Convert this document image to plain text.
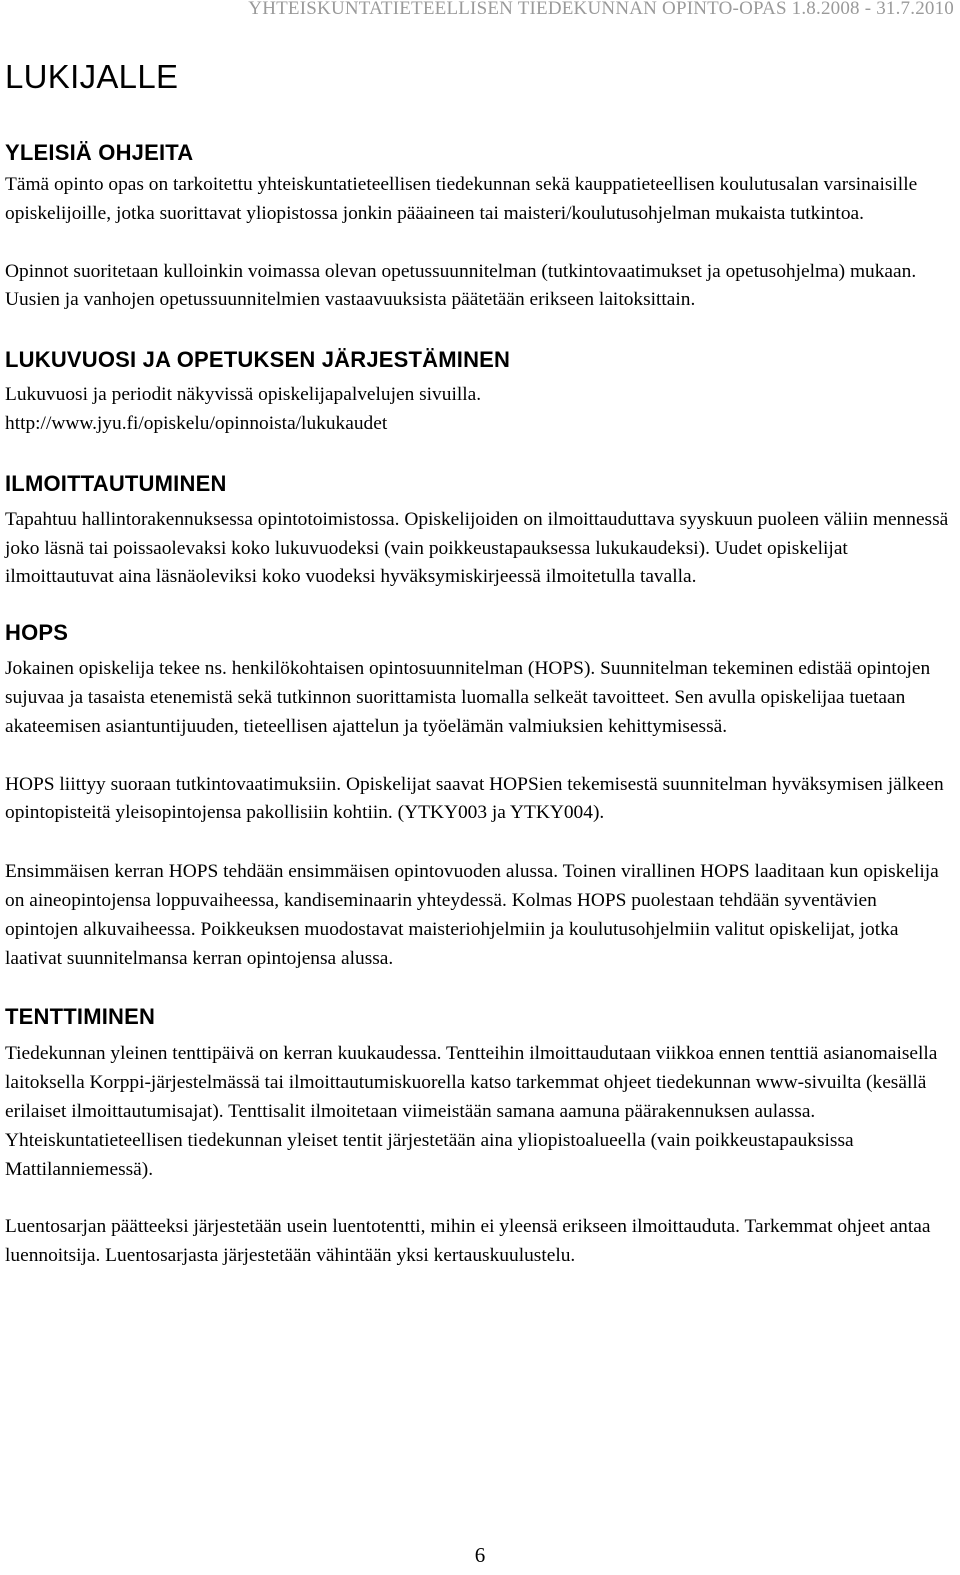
YHTEISKUNTATIETEELLISEN TIEDEKUNNAN OPINTO-OPAS 1.8.2008 - 31.7.2010
LUKIJALLE
YLEISIÄ OHJEITA

Tämä opinto opas on tarkoitettu yhteiskuntatieteellisen tiedekunnan sekä kauppatieteellisen koulutusalan varsinaisille opiskelijoille, jotka suorittavat yliopistossa jonkin pääaineen tai maisteri/koulutusohjelman mukaista tutkintoa.

Opinnot suoritetaan kulloinkin voimassa olevan opetussuunnitelman (tutkintovaatimukset ja opetusohjelma) mukaan. Uusien ja vanhojen opetussuunnitelmien vastaavuuksista päätetään erikseen laitoksittain.

LUKUVUOSI JA OPETUKSEN JÄRJESTÄMINEN

Lukuvuosi ja periodit näkyvissä opiskelijapalvelujen sivuilla.
http://www.jyu.fi/opiskelu/opinnoista/lukukaudet

ILMOITTAUTUMINEN

Tapahtuu hallintorakennuksessa opintotoimistossa. Opiskelijoiden on ilmoittauduttava syyskuun puoleen väliin mennessä joko läsnä tai poissaolevaksi koko lukuvuodeksi (vain poikkeustapauksessa lukukaudeksi). Uudet opiskelijat ilmoittautuvat aina läsnäoleviksi koko vuodeksi hyväksymiskirjeessä ilmoitetulla tavalla.

HOPS

Jokainen opiskelija tekee ns. henkilökohtaisen opintosuunnitelman (HOPS). Suunnitelman tekeminen edistää opintojen sujuvaa ja tasaista etenemistä sekä tutkinnon suorittamista luomalla selkeät tavoitteet. Sen avulla opiskelijaa tuetaan akateemisen asiantuntijuuden, tieteellisen ajattelun ja työelämän valmiuksien kehittymisessä.

HOPS liittyy suoraan tutkintovaatimuksiin. Opiskelijat saavat HOPSien tekemisestä suunnitelman hyväksymisen jälkeen opintopisteitä yleisopintojensa pakollisiin kohtiin. (YTKY003 ja YTKY004).

Ensimmäisen kerran HOPS tehdään ensimmäisen opintovuoden alussa. Toinen virallinen HOPS laaditaan kun opiskelija on aineopintojensa loppuvaiheessa, kandiseminaarin yhteydessä. Kolmas HOPS puolestaan tehdään syventävien opintojen alkuvaiheessa. Poikkeuksen muodostavat maisteriohjelmiin ja koulutusohjelmiin valitut opiskelijat, jotka laativat suunnitelmansa kerran opintojensa alussa.

TENTTIMINEN

Tiedekunnan yleinen tenttipäivä on kerran kuukaudessa. Tentteihin ilmoittaudutaan viikkoa ennen tenttiä asianomaisella laitoksella Korppi-järjestelmässä tai ilmoittautumiskuorella katso tarkemmat ohjeet tiedekunnan www-sivuilta (kesällä erilaiset ilmoittautumisajat). Tenttisalit ilmoitetaan viimeistään samana aamuna päärakennuksen aulassa. Yhteiskuntatieteellisen tiedekunnan yleiset tentit järjestetään aina yliopistoalueella (vain poikkeustapauksissa Mattilanniemessä).

Luentosarjan päätteeksi järjestetään usein luentotentti, mihin ei yleensä erikseen ilmoittauduta. Tarkemmat ohjeet antaa luennoitsija. Luentosarjasta järjestetään vähintään yksi kertauskuulustelu.

6
